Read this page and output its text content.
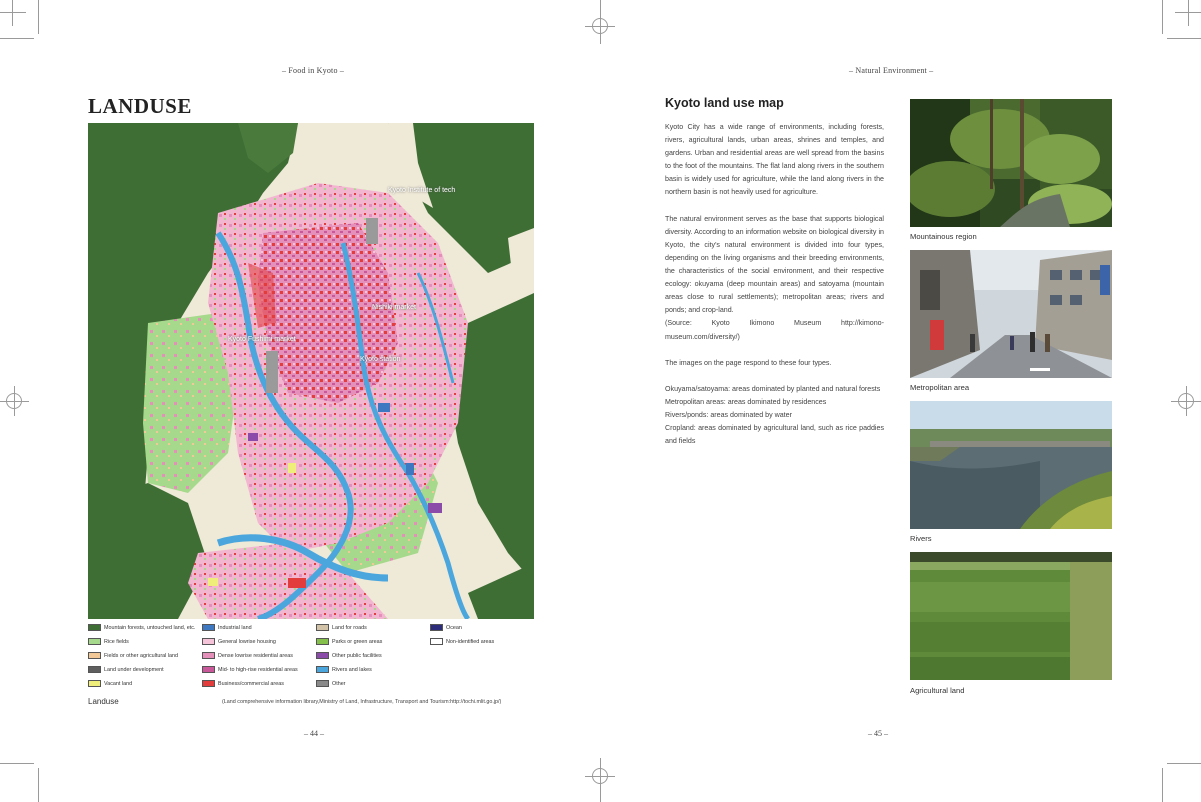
– Food in Kyoto –	– Natural Environment –
LANDUSE
Kyoto Institute of tech
Nishiki market
Kyoto Fushimi market
Kyoto station
Mountain forests, untouched land, etc.
Rice fields
Fields or other agricultural land
Land under development
Vacant land
Industrial land
General lowrise housing
Dense lowrise residential areas
Mid- to high-rise residential areas
Business/commercial areas
Land for roads
Parks or green areas
Other public facilities
Rivers and lakes
Other
Ocean
Non-identified areas
Landuse	(Land comprehensive information library,Ministry of Land, Infrastructure, Transport and Tourism:http://tochi.mlit.go.jp/)
– 44 –
Kyoto land use map

Kyoto City has a wide range of environments, including forests, rivers, agricultural lands, urban areas, shrines and temples, and gardens. Urban and residential areas are well spread from the basins to the foot of the mountains. The flat land along rivers in the southern basin is widely used for agriculture, while the land along rivers in the northern basin is not heavily used for agriculture.

The natural environment serves as the base that supports biological diversity. According to an information website on biological diversity in Kyoto, the city's natural environment is divided into four types, depending on the living organisms and their breeding environments, the characteristics of the social environment, and their respective ecology: okuyama (deep mountain areas) and satoyama (mountain areas close to rural settlements); metropolitan areas; rivers and ponds; and crop-land.

(Source: Kyoto Ikimono Museum http://kimono-museum.com/diversity/)

The images on the page respond to these four types.

Okuyama/satoyama: areas dominated by planted and natural forests
Metropolitan areas: areas dominated by residences
Rivers/ponds: areas dominated by water
Cropland: areas dominated by agricultural land, such as rice paddies and fields
Mountainous region
Metropolitan area
Rivers
Agricultural land
– 45 –
